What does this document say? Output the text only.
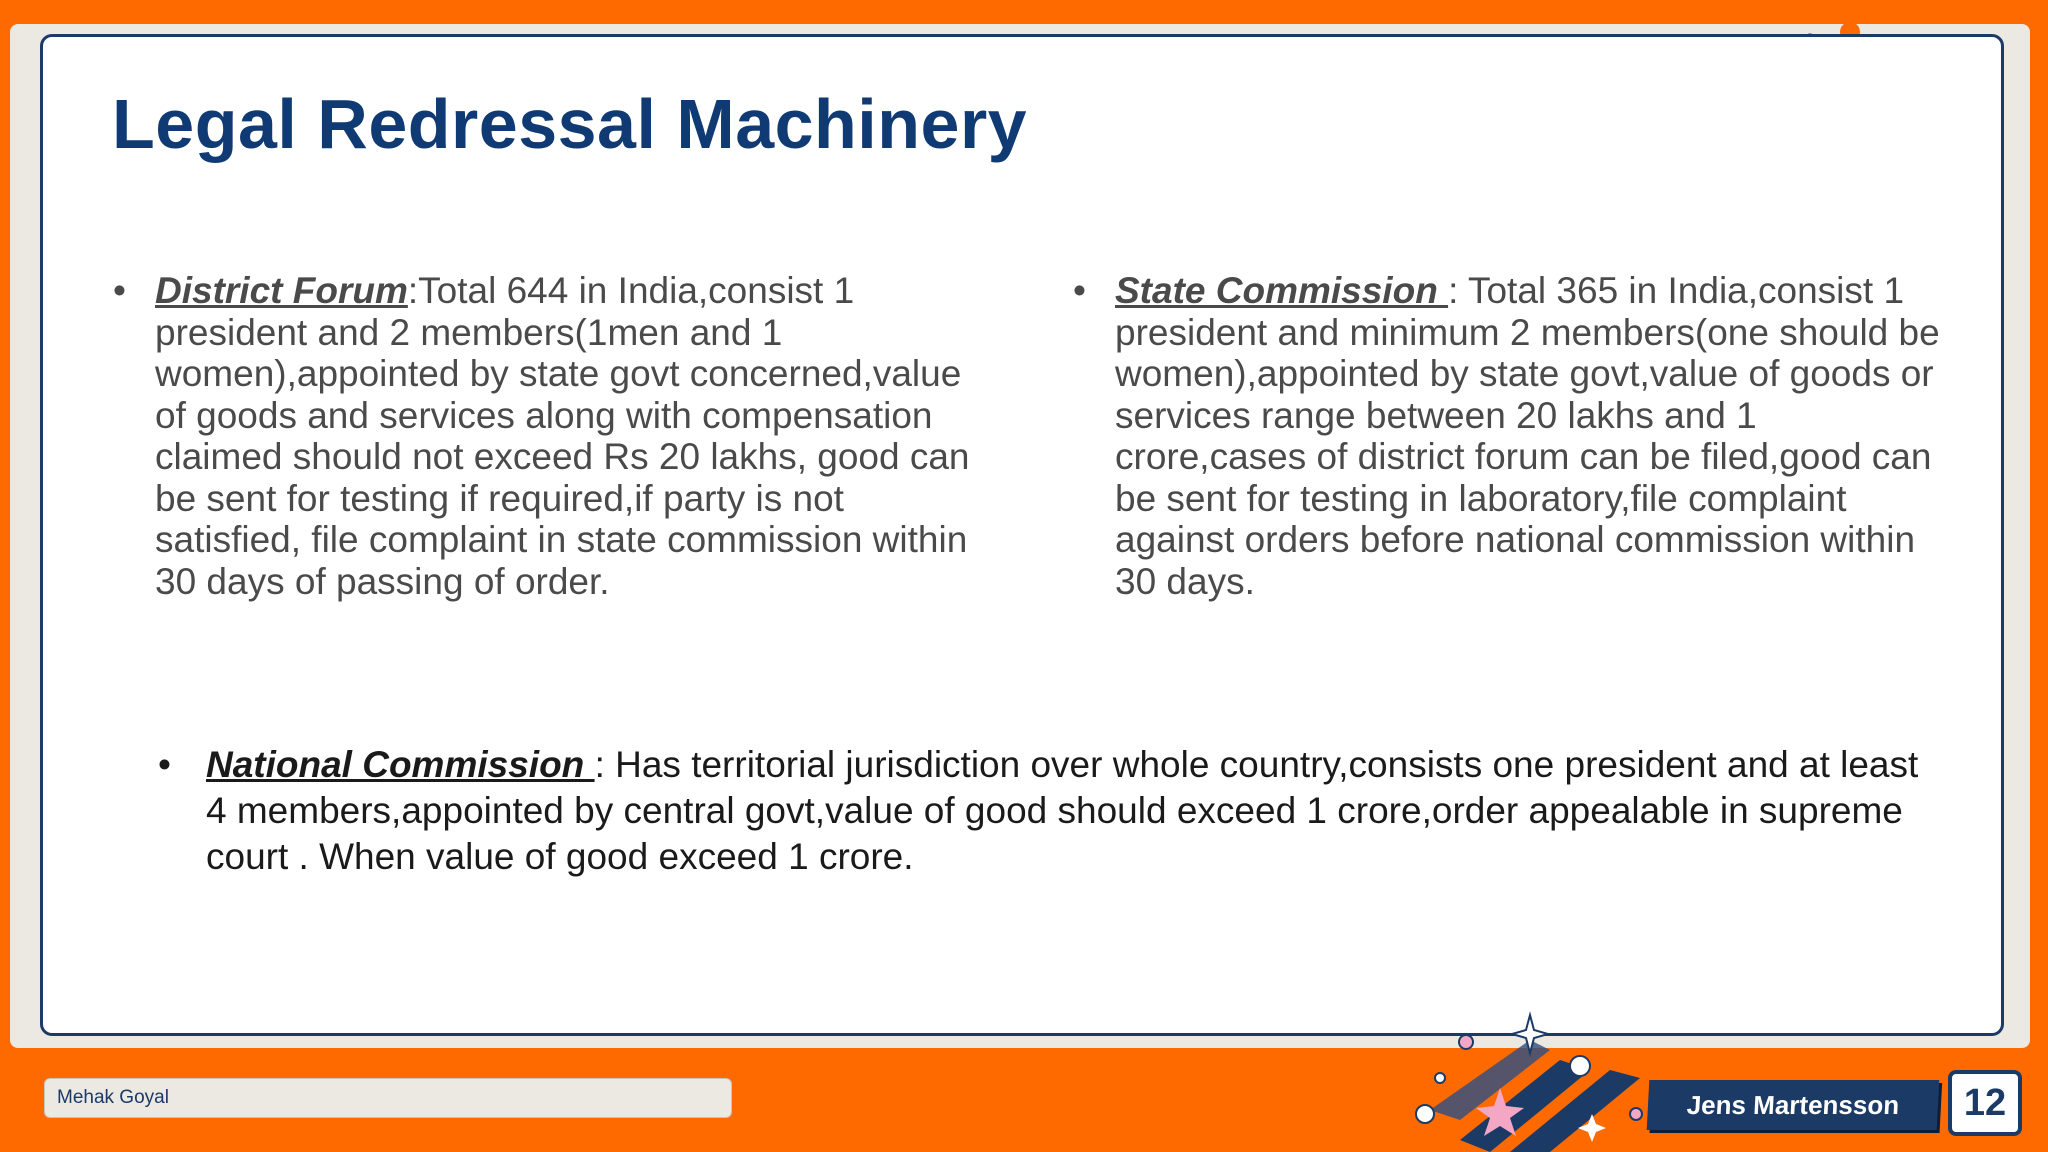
Legal Redressal Machinery
• District Forum:Total 644 in India,consist 1 president and 2 members(1men and 1 women),appointed by state govt concerned,value of goods and services along with compensation claimed should not exceed Rs 20 lakhs, good can be sent for testing if required,if party is not satisfied, file complaint in state commission within 30 days of passing of order.
• State Commission : Total 365 in India,consist 1 president and minimum 2 members(one should be women),appointed by state govt,value of goods or services range between 20 lakhs and 1 crore,cases of district forum can be filed,good can be sent for testing in laboratory,file complaint against orders before national commission within 30 days.
• National Commission : Has territorial jurisdiction over whole country,consists one president and at least 4 members,appointed by central govt,value of good should exceed 1 crore,order appealable in supreme court . When value of good exceed 1 crore.
Mehak Goyal	Jens Martensson	12
